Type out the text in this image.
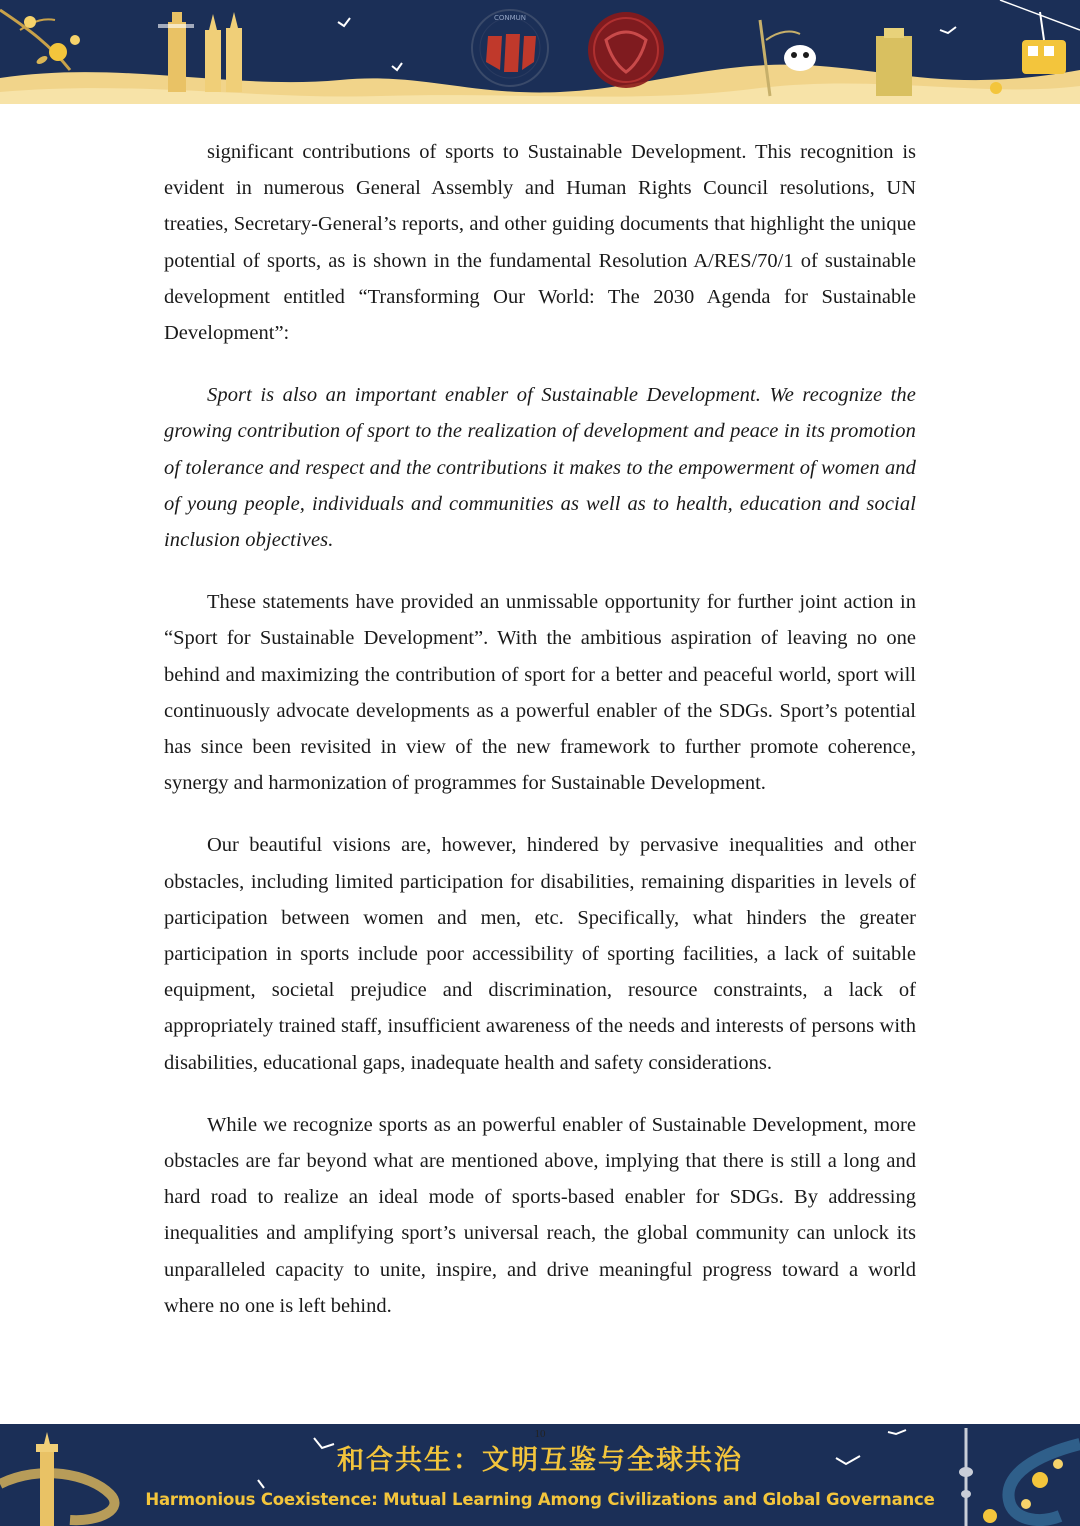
CONMUN

significant contributions of sports to Sustainable Development. This recognition is evident in numerous General Assembly and Human Rights Council resolutions, UN treaties, Secretary-General’s reports, and other guiding documents that highlight the unique potential of sports, as is shown in the fundamental Resolution A/RES/70/1 of sustainable development entitled “Transforming Our World: The 2030 Agenda for Sustainable Development”:

Sport is also an important enabler of Sustainable Development. We recognize the growing contribution of sport to the realization of development and peace in its promotion of tolerance and respect and the contributions it makes to the empowerment of women and of young people, individuals and communities as well as to health, education and social inclusion objectives.

These statements have provided an unmissable opportunity for further joint action in “Sport for Sustainable Development”. With the ambitious aspiration of leaving no one behind and maximizing the contribution of sport for a better and peaceful world, sport will continuously advocate developments as a powerful enabler of the SDGs. Sport’s potential has since been revisited in view of the new framework to further promote coherence, synergy and harmonization of programmes for Sustainable Development.

Our beautiful visions are, however, hindered by pervasive inequalities and other obstacles, including limited participation for disabilities, remaining disparities in levels of participation between women and men, etc. Specifically, what hinders the greater participation in sports include poor accessibility of sporting facilities, a lack of suitable equipment, societal prejudice and discrimination, resource constraints, a lack of appropriately trained staff, insufficient awareness of the needs and interests of persons with disabilities, educational gaps, inadequate health and safety considerations.

While we recognize sports as an powerful enabler of Sustainable Development, more obstacles are far beyond what are mentioned above, implying that there is still a long and hard road to realize an ideal mode of sports-based enabler for SDGs. By addressing inequalities and amplifying sport’s universal reach, the global community can unlock its unparalleled capacity to unite, inspire, and drive meaningful progress toward a world where no one is left behind.

10
和合共生：文明互鉴与全球共治
Harmonious Coexistence: Mutual Learning Among Civilizations and Global Governance
